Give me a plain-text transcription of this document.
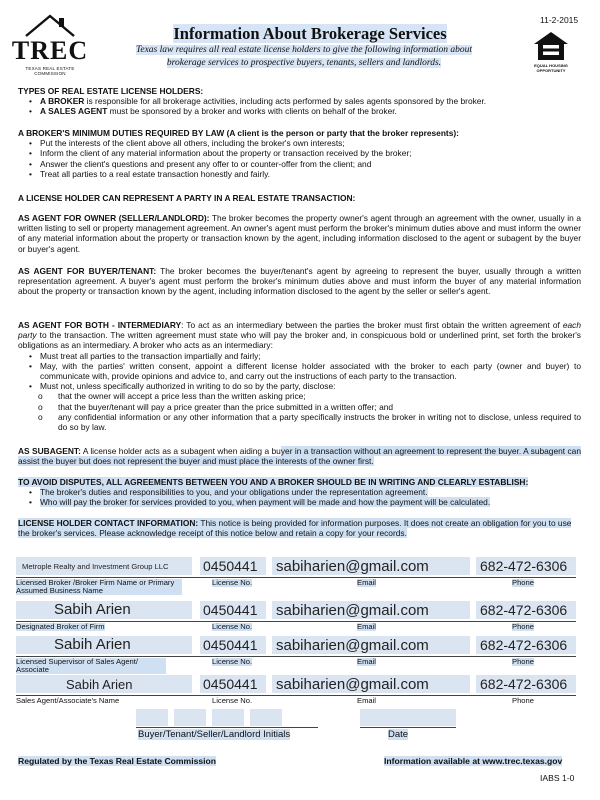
TREC
TEXAS REAL ESTATE COMMISSION
Information About Brokerage Services
Texas law requires all real estate license holders to give the following information about
brokerage services to prospective buyers, tenants, sellers and landlords.
11-2-2015
EQUAL HOUSING OPPORTUNITY

TYPES OF REAL ESTATE LICENSE HOLDERS:

• A BROKER is responsible for all brokerage activities, including acts performed by sales agents sponsored by the broker.
• A SALES AGENT must be sponsored by a broker and works with clients on behalf of the broker.

A BROKER'S MINIMUM DUTIES REQUIRED BY LAW (A client is the person or party that the broker represents):

• Put the interests of the client above all others, including the broker's own interests;
• Inform the client of any material information about the property or transaction received by the broker;
• Answer the client's questions and present any offer to or counter-offer from the client; and
• Treat all parties to a real estate transaction honestly and fairly.
A LICENSE HOLDER CAN REPRESENT A PARTY IN A REAL ESTATE TRANSACTION:

AS AGENT FOR OWNER (SELLER/LANDLORD): The broker becomes the property owner's agent through an agreement with the owner, usually in a written listing to sell or property management agreement. An owner's agent must perform the broker's minimum duties above and must inform the owner of any material information about the property or transaction known by the agent, including information disclosed to the agent or subagent by the buyer or buyer's agent.

AS AGENT FOR BUYER/TENANT: The broker becomes the buyer/tenant's agent by agreeing to represent the buyer, usually through a written representation agreement. A buyer's agent must perform the broker's minimum duties above and must inform the buyer of any material information about the property or transaction known by the agent, including information disclosed to the agent by the seller or seller's agent.

AS AGENT FOR BOTH - INTERMEDIARY: To act as an intermediary between the parties the broker must first obtain the written agreement of each party to the transaction. The written agreement must state who will pay the broker and, in conspicuous bold or underlined print, set forth the broker's obligations as an intermediary. A broker who acts as an intermediary:

• Must treat all parties to the transaction impartially and fairly;
• May, with the parties' written consent, appoint a different license holder associated with the broker to each party (owner and buyer) to communicate with, provide opinions and advice to, and carry out the instructions of each party to the transaction.
• Must not, unless specifically authorized in writing to do so by the party, disclose:
o that the owner will accept a price less than the written asking price;
o that the buyer/tenant will pay a price greater than the price submitted in a written offer; and
o any confidential information or any other information that a party specifically instructs the broker in writing not to disclose, unless required to do so by law.

AS SUBAGENT: A license holder acts as a subagent when aiding a buyer in a transaction without an agreement to represent the buyer. A subagent can assist the buyer but does not represent the buyer and must place the interests of the owner first.

TO AVOID DISPUTES, ALL AGREEMENTS BETWEEN YOU AND A BROKER SHOULD BE IN WRITING AND CLEARLY ESTABLISH:

• The broker's duties and responsibilities to you, and your obligations under the representation agreement.
• Who will pay the broker for services provided to you, when payment will be made and how the payment will be calculated.

LICENSE HOLDER CONTACT INFORMATION: This notice is being provided for information purposes. It does not create an obligation for you to use the broker's services. Please acknowledge receipt of this notice below and retain a copy for your records.

Metrople Realty and Investment Group LLC 0450441 sabiharien@gmail.com	682-472-6306
Licensed Broker /Broker Firm Name or Primary Assumed Business Name
License No.	Email	Phone
Sabih Arien	0450441 sabiharien@gmail.com	682-472-6306
Designated Broker of Firm	License No.	Email	Phone
Sabih Arien	0450441 sabiharien@gmail.com	682-472-6306
Licensed Supervisor of Sales Agent/ Associate
License No.	Email	Phone
Sabih Arien	0450441 sabiharien@gmail.com	682-472-6306
Sales Agent/Associate's Name	License No.	Email	Phone
Buyer/Tenant/Seller/Landlord Initials	Date
Regulated by the Texas Real Estate Commission	Information available at www.trec.texas.gov
IABS 1-0
